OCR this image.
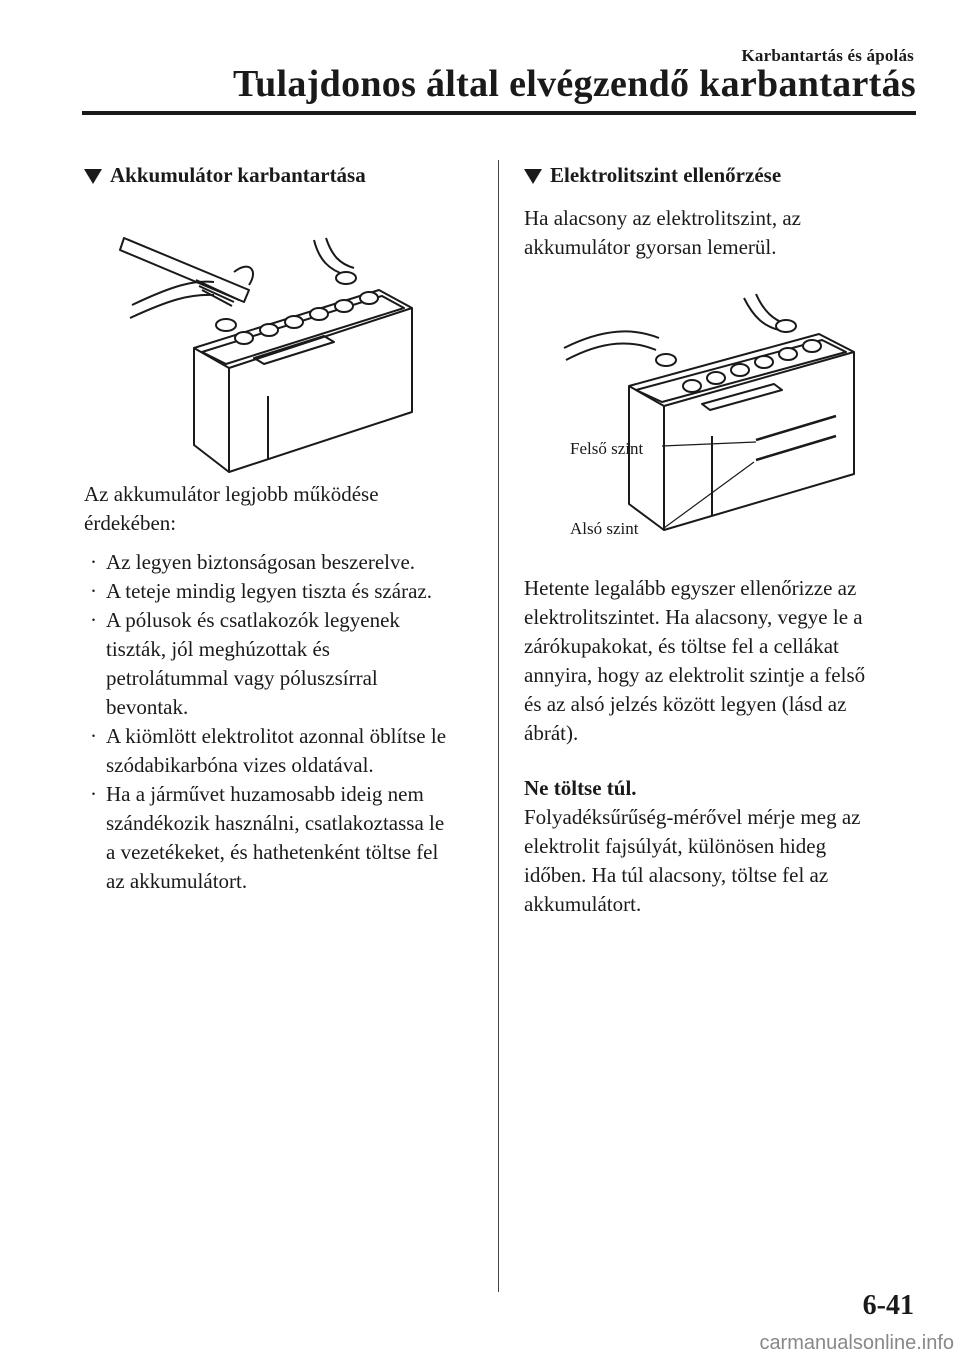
Karbantartás és ápolás
Tulajdonos által elvégzendő karbantartás
Akkumulátor karbantartása

Az akkumulátor legjobb működése

érdekében:

· Az legyen biztonságosan beszerelve.
· A teteje mindig legyen tiszta és száraz.
· A pólusok és csatlakozók legyenek
tiszták, jól meghúzottak és
petrolátummal vagy póluszsírral
bevontak.
· A kiömlött elektrolitot azonnal öblítse le
szódabikarbóna vizes oldatával.
· Ha a járművet huzamosabb ideig nem
szándékozik használni, csatlakoztassa le
a vezetékeket, és hathetenként töltse fel
az akkumulátort.
Elektrolitszint ellenőrzése

Ha alacsony az elektrolitszint, az

akkumulátor gyorsan lemerül.

Felső szint
Alsó szint

Hetente legalább egyszer ellenőrizze az

elektrolitszintet. Ha alacsony, vegye le a

zárókupakokat, és töltse fel a cellákat

annyira, hogy az elektrolit szintje a felső

és az alsó jelzés között legyen (lásd az

ábrát).

Ne töltse túl.

Folyadéksűrűség-mérővel mérje meg az

elektrolit fajsúlyát, különösen hideg

időben. Ha túl alacsony, töltse fel az

akkumulátort.

6-41
carmanualsonline.info
